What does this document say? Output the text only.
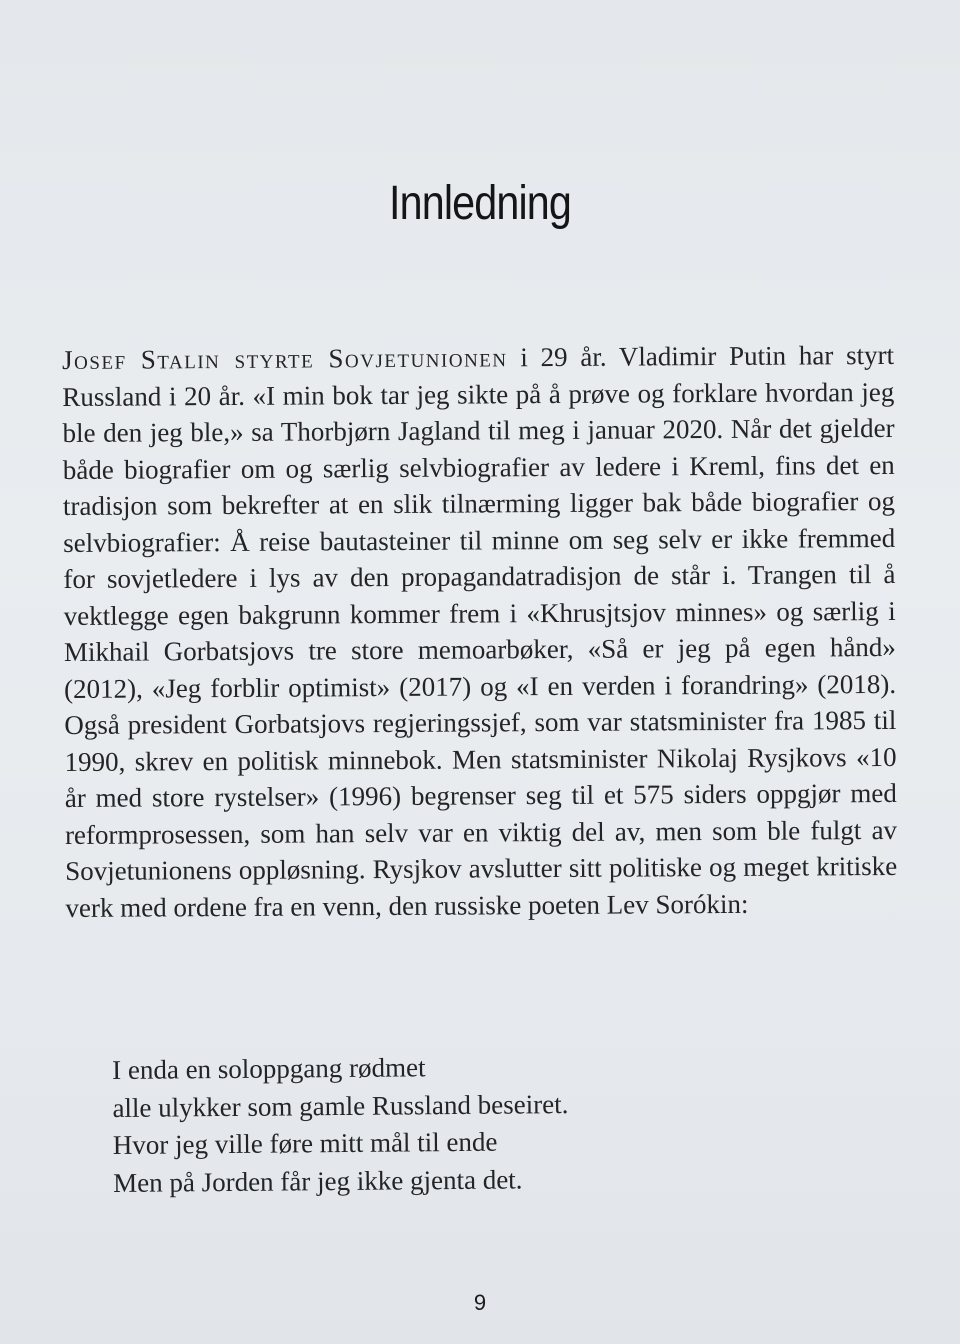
Innledning

Josef Stalin styrte Sovjetunionen i 29 år. Vladimir Putin har styrt Russland i 20 år. «I min bok tar jeg sikte på å prøve og forklare hvordan jeg ble den jeg ble,» sa Thorbjørn Jagland til meg i januar 2020. Når det gjelder både biografier om og særlig selvbiografier av ledere i Kreml, fins det en tradisjon som bekrefter at en slik tilnærming ligger bak både biografier og selvbiografier: Å reise bautasteiner til minne om seg selv er ikke fremmed for sovjetledere i lys av den propagandatradisjon de står i. Trangen til å vektlegge egen bakgrunn kommer frem i «Khrusjtsjov minnes» og særlig i Mikhail Gorbatsjovs tre store memoarbøker, «Så er jeg på egen hånd» (2012), «Jeg forblir optimist» (2017) og «I en verden i forandring» (2018). Også president Gorbatsjovs regjeringssjef, som var statsminister fra 1985 til 1990, skrev en politisk minnebok. Men statsminister Nikolaj Rysjkovs «10 år med store rystelser» (1996) begrenser seg til et 575 siders oppgjør med reformprosessen, som han selv var en viktig del av, men som ble fulgt av Sovjetunionens oppløsning. Rysjkov avslutter sitt politiske og meget kritiske verk med ordene fra en venn, den russiske poeten Lev Sorókin:

I enda en soloppgang rødmet
alle ulykker som gamle Russland beseiret.
Hvor jeg ville føre mitt mål til ende
Men på Jorden får jeg ikke gjenta det.
9
